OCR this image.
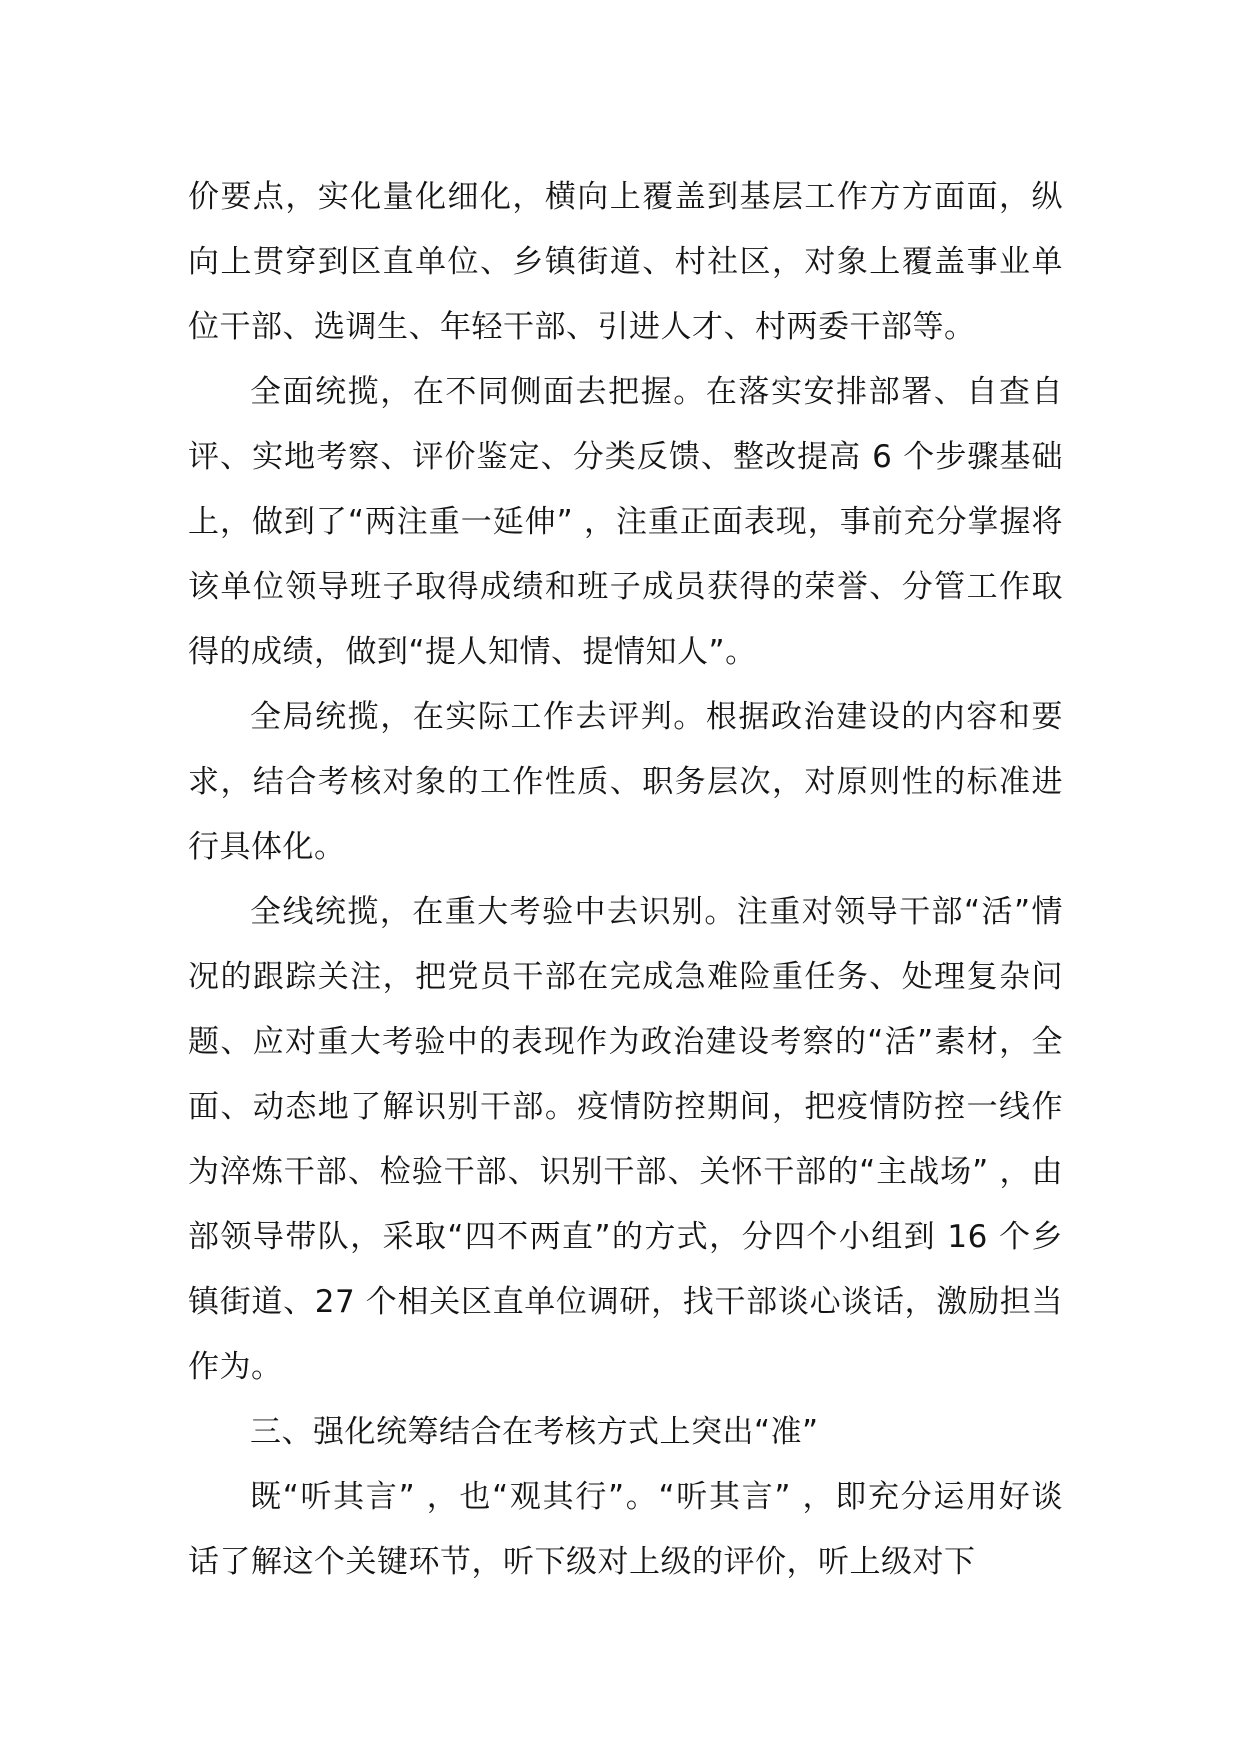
价要点，实化量化细化，横向上覆盖到基层工作方方面面，纵向上贯穿到区直单位、乡镇街道、村社区，对象上覆盖事业单位干部、选调生、年轻干部、引进人才、村两委干部等。

全面统揽，在不同侧面去把握。在落实安排部署、自查自评、实地考察、评价鉴定、分类反馈、整改提高 6 个步骤基础上，做到了“两注重一延伸” ，注重正面表现，事前充分掌握将该单位领导班子取得成绩和班子成员获得的荣誉、分管工作取得的成绩，做到“提人知情、提情知人”。

全局统揽，在实际工作去评判。根据政治建设的内容和要求，结合考核对象的工作性质、职务层次，对原则性的标准进行具体化。

全线统揽，在重大考验中去识别。注重对领导干部“活”情况的跟踪关注，把党员干部在完成急难险重任务、处理复杂问题、应对重大考验中的表现作为政治建设考察的“活”素材，全面、动态地了解识别干部。疫情防控期间，把疫情防控一线作为淬炼干部、检验干部、识别干部、关怀干部的“主战场” ，由部领导带队，采取“四不两直”的方式，分四个小组到 16 个乡镇街道、27 个相关区直单位调研，找干部谈心谈话，激励担当作为。

三、强化统筹结合在考核方式上突出“准”

既“听其言” ，也“观其行”。“听其言” ，即充分运用好谈话了解这个关键环节，听下级对上级的评价，听上级对下
